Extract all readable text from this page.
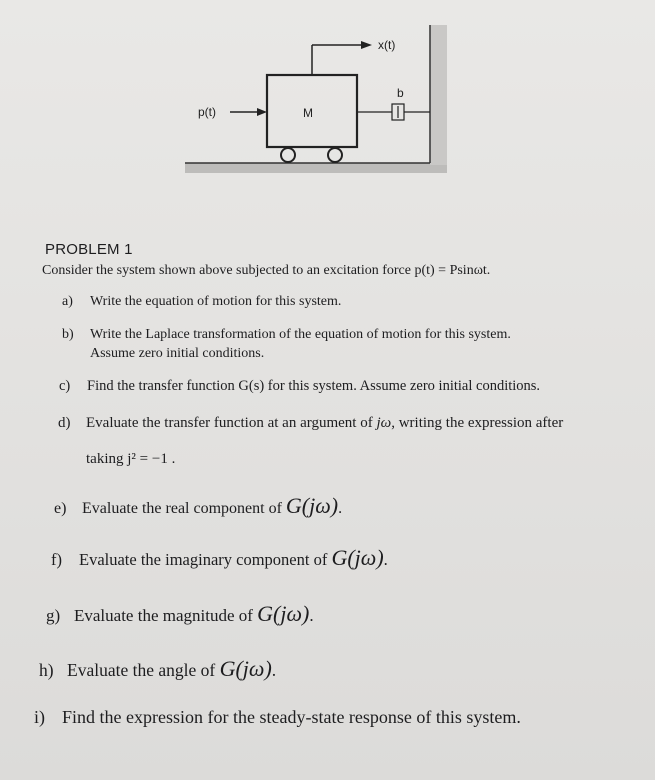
M
p(t)
x(t)
b
PROBLEM 1
Consider the system shown above subjected to an excitation force p(t) = Psinωt.
a) Write the equation of motion for this system.
b) Write the Laplace transformation of the equation of motion for this system.
Assume zero initial conditions.
c) Find the transfer function G(s) for this system. Assume zero initial conditions.
d) Evaluate the transfer function at an argument of jω, writing the expression after
taking j² = −1 .
e) Evaluate the real component of G(jω).
f) Evaluate the imaginary component of G(jω).
g) Evaluate the magnitude of G(jω).
h) Evaluate the angle of G(jω).
i) Find the expression for the steady-state response of this system.
